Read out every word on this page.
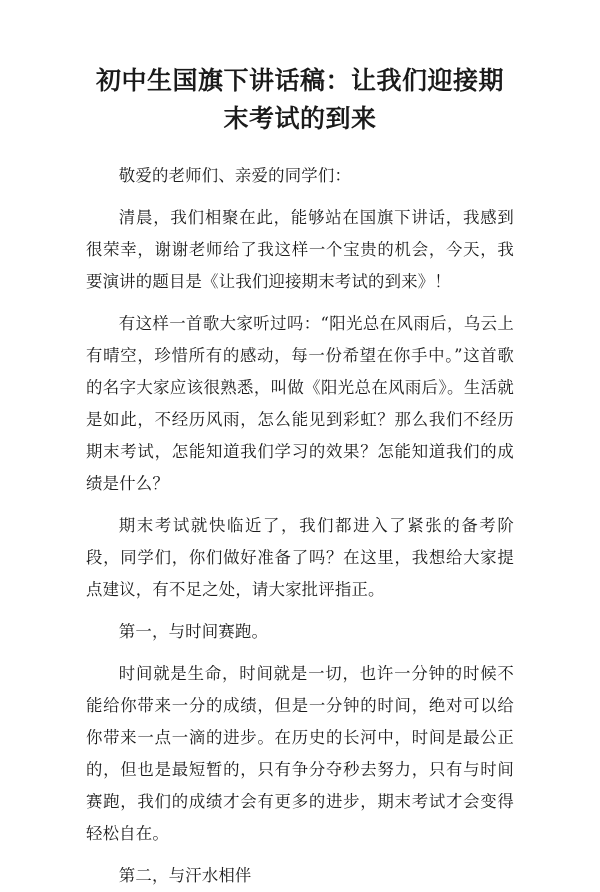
初中生国旗下讲话稿：让我们迎接期末考试的到来

敬爱的老师们、亲爱的同学们：

清晨，我们相聚在此，能够站在国旗下讲话，我感到很荣幸，谢谢老师给了我这样一个宝贵的机会，今天，我要演讲的题目是《让我们迎接期末考试的到来》！

有这样一首歌大家听过吗：“阳光总在风雨后，乌云上有晴空，珍惜所有的感动，每一份希望在你手中。”这首歌的名字大家应该很熟悉，叫做《阳光总在风雨后》。生活就是如此，不经历风雨，怎么能见到彩虹？那么我们不经历期末考试，怎能知道我们学习的效果？怎能知道我们的成绩是什么？

期末考试就快临近了，我们都进入了紧张的备考阶段，同学们，你们做好准备了吗？在这里，我想给大家提点建议，有不足之处，请大家批评指正。

第一，与时间赛跑。

时间就是生命，时间就是一切，也许一分钟的时候不能给你带来一分的成绩，但是一分钟的时间，绝对可以给你带来一点一滴的进步。在历史的长河中，时间是最公正的，但也是最短暂的，只有争分夺秒去努力，只有与时间赛跑，我们的成绩才会有更多的进步，期末考试才会变得轻松自在。

第二，与汗水相伴
